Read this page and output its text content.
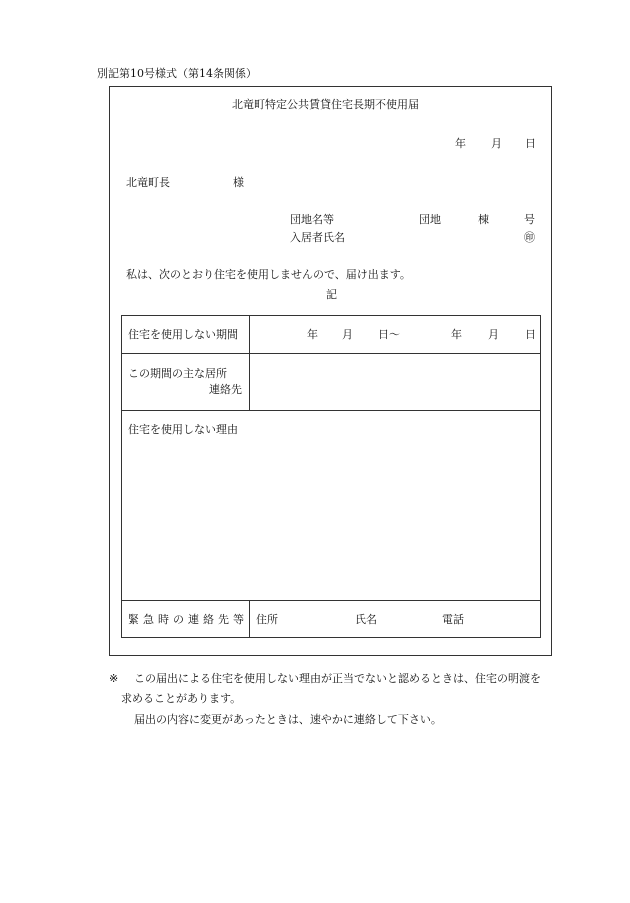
別記第10号様式（第14条関係）
北竜町特定公共賃貸住宅長期不使用届
年 月 日
北竜町長	様
団地名等	団地	棟	号
入居者氏名	㊞
私は、次のとおり住宅を使用しませんので、届け出ます。
記
住宅を使用しない期間	年 月 日～	年 月 日
この期間の主な居所
連絡先
住宅を使用しない理由
緊急時の連絡先等 住所	氏名	電話
※ この届出による住宅を使用しない理由が正当でないと認めるときは、住宅の明渡を
求めることがあります。
届出の内容に変更があったときは、速やかに連絡して下さい。
